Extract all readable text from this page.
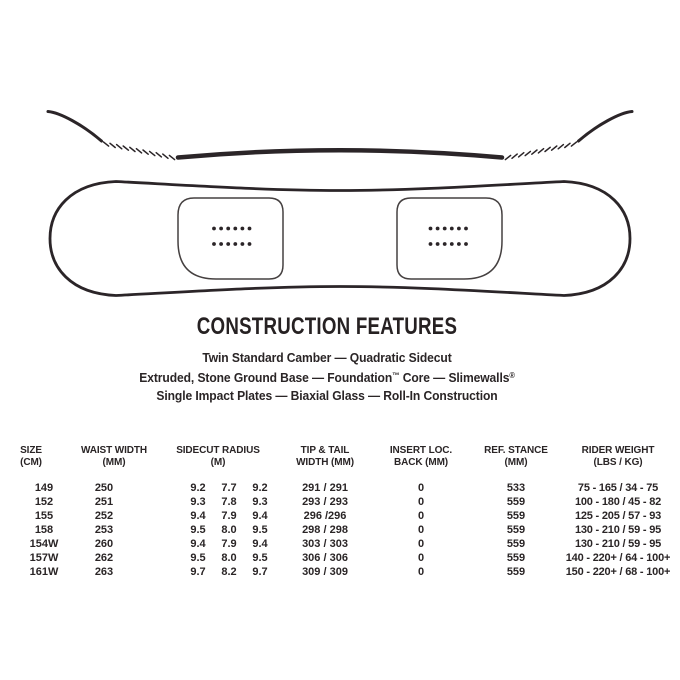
CONSTRUCTION FEATURES
Twin Standard Camber — Quadratic Sidecut
Extruded, Stone Ground Base — Foundation™ Core — Slimewalls®
Single Impact Plates — Biaxial Glass — Roll-In Construction
SIZE
(CM)
WAIST WIDTH
(MM)
SIDECUT RADIUS
(M)
TIP & TAIL
WIDTH (MM)
INSERT LOC.
BACK (MM)
REF. STANCE
(MM)
RIDER WEIGHT
(LBS / KG)
149	250	9.2 7.7 9.2	291 / 291	0	533	75 - 165 / 34 - 75
152	251	9.3 7.8 9.3	293 / 293	0	559	100 - 180 / 45 - 82
155	252	9.4 7.9 9.4	296 /296	0	559	125 - 205 / 57 - 93
158	253	9.5 8.0 9.5	298 / 298	0	559	130 - 210 / 59 - 95
154W	260	9.4 7.9 9.4	303 / 303	0	559	130 - 210 / 59 - 95
157W	262	9.5 8.0 9.5	306 / 306	0	559	140 - 220+ / 64 - 100+
161W	263	9.7 8.2 9.7	309 / 309	0	559	150 - 220+ / 68 - 100+
